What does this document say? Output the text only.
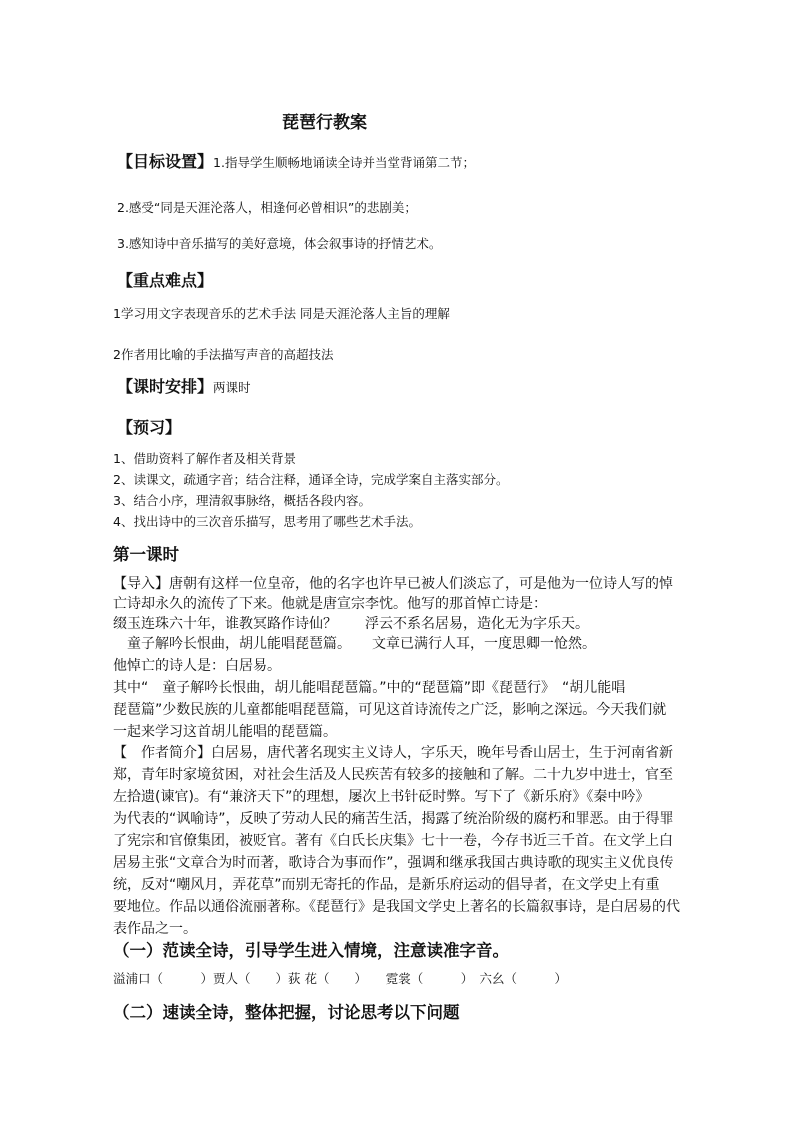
琵琶行教案
【目标设置】1.指导学生顺畅地诵读全诗并当堂背诵第二节；
2.感受“同是天涯沦落人，相逢何必曾相识”的悲剧美；
3.感知诗中音乐描写的美好意境，体会叙事诗的抒情艺术。
【重点难点】
1学习用文字表现音乐的艺术手法 同是天涯沦落人主旨的理解
2作者用比喻的手法描写声音的高超技法
【课时安排】两课时
【预习】
1、借助资料了解作者及相关背景
2、读课文，疏通字音；结合注释，通译全诗，完成学案自主落实部分。
3、结合小序，理清叙事脉络，概括各段内容。
4、找出诗中的三次音乐描写，思考用了哪些艺术手法。
第一课时
【导入】唐朝有这样一位皇帝，他的名字也许早已被人们淡忘了，可是他为一位诗人写的悼
亡诗却永久的流传了下来。他就是唐宣宗李忱。他写的那首悼亡诗是：
缀玉连珠六十年，谁教冥路作诗仙？　　浮云不系名居易，造化无为字乐天。
　童子解吟长恨曲，胡儿能唱琵琶篇。　　文章已满行人耳，一度思卿一怆然。
他悼亡的诗人是：白居易。
其中“　童子解吟长恨曲，胡儿能唱琵琶篇。”中的“琵琶篇”即《琵琶行》　“胡儿能唱
琵琶篇”少数民族的儿童都能唱琵琶篇，可见这首诗流传之广泛，影响之深远。今天我们就
一起来学习这首胡儿能唱的琵琶篇。
【　作者简介】白居易，唐代著名现实主义诗人，字乐天，晚年号香山居士，生于河南省新
郑，青年时家境贫困，对社会生活及人民疾苦有较多的接触和了解。二十九岁中进士，官至
左拾遗(谏官)。有“兼济天下”的理想，屡次上书针砭时弊。写下了《新乐府》《秦中吟》
为代表的“讽喻诗”，反映了劳动人民的痛苦生活，揭露了统治阶级的腐朽和罪恶。由于得罪
了宪宗和官僚集团，被贬官。著有《白氏长庆集》七十一卷，今存书近三千首。在文学上白
居易主张“文章合为时而著，歌诗合为事而作”，强调和继承我国古典诗歌的现实主义优良传
统，反对“嘲风月，弄花草”而别无寄托的作品，是新乐府运动的倡导者，在文学史上有重
要地位。作品以通俗流丽著称。《琵琶行》是我国文学史上著名的长篇叙事诗，是白居易的代
表作品之一。
（一）范读全诗，引导学生进入情境，注意读准字音。
溢浦口（　　　）贾人（　　）荻 花（　　）　　霓裳（　　　）　六幺（　　　）
（二）速读全诗，整体把握，讨论思考以下问题
